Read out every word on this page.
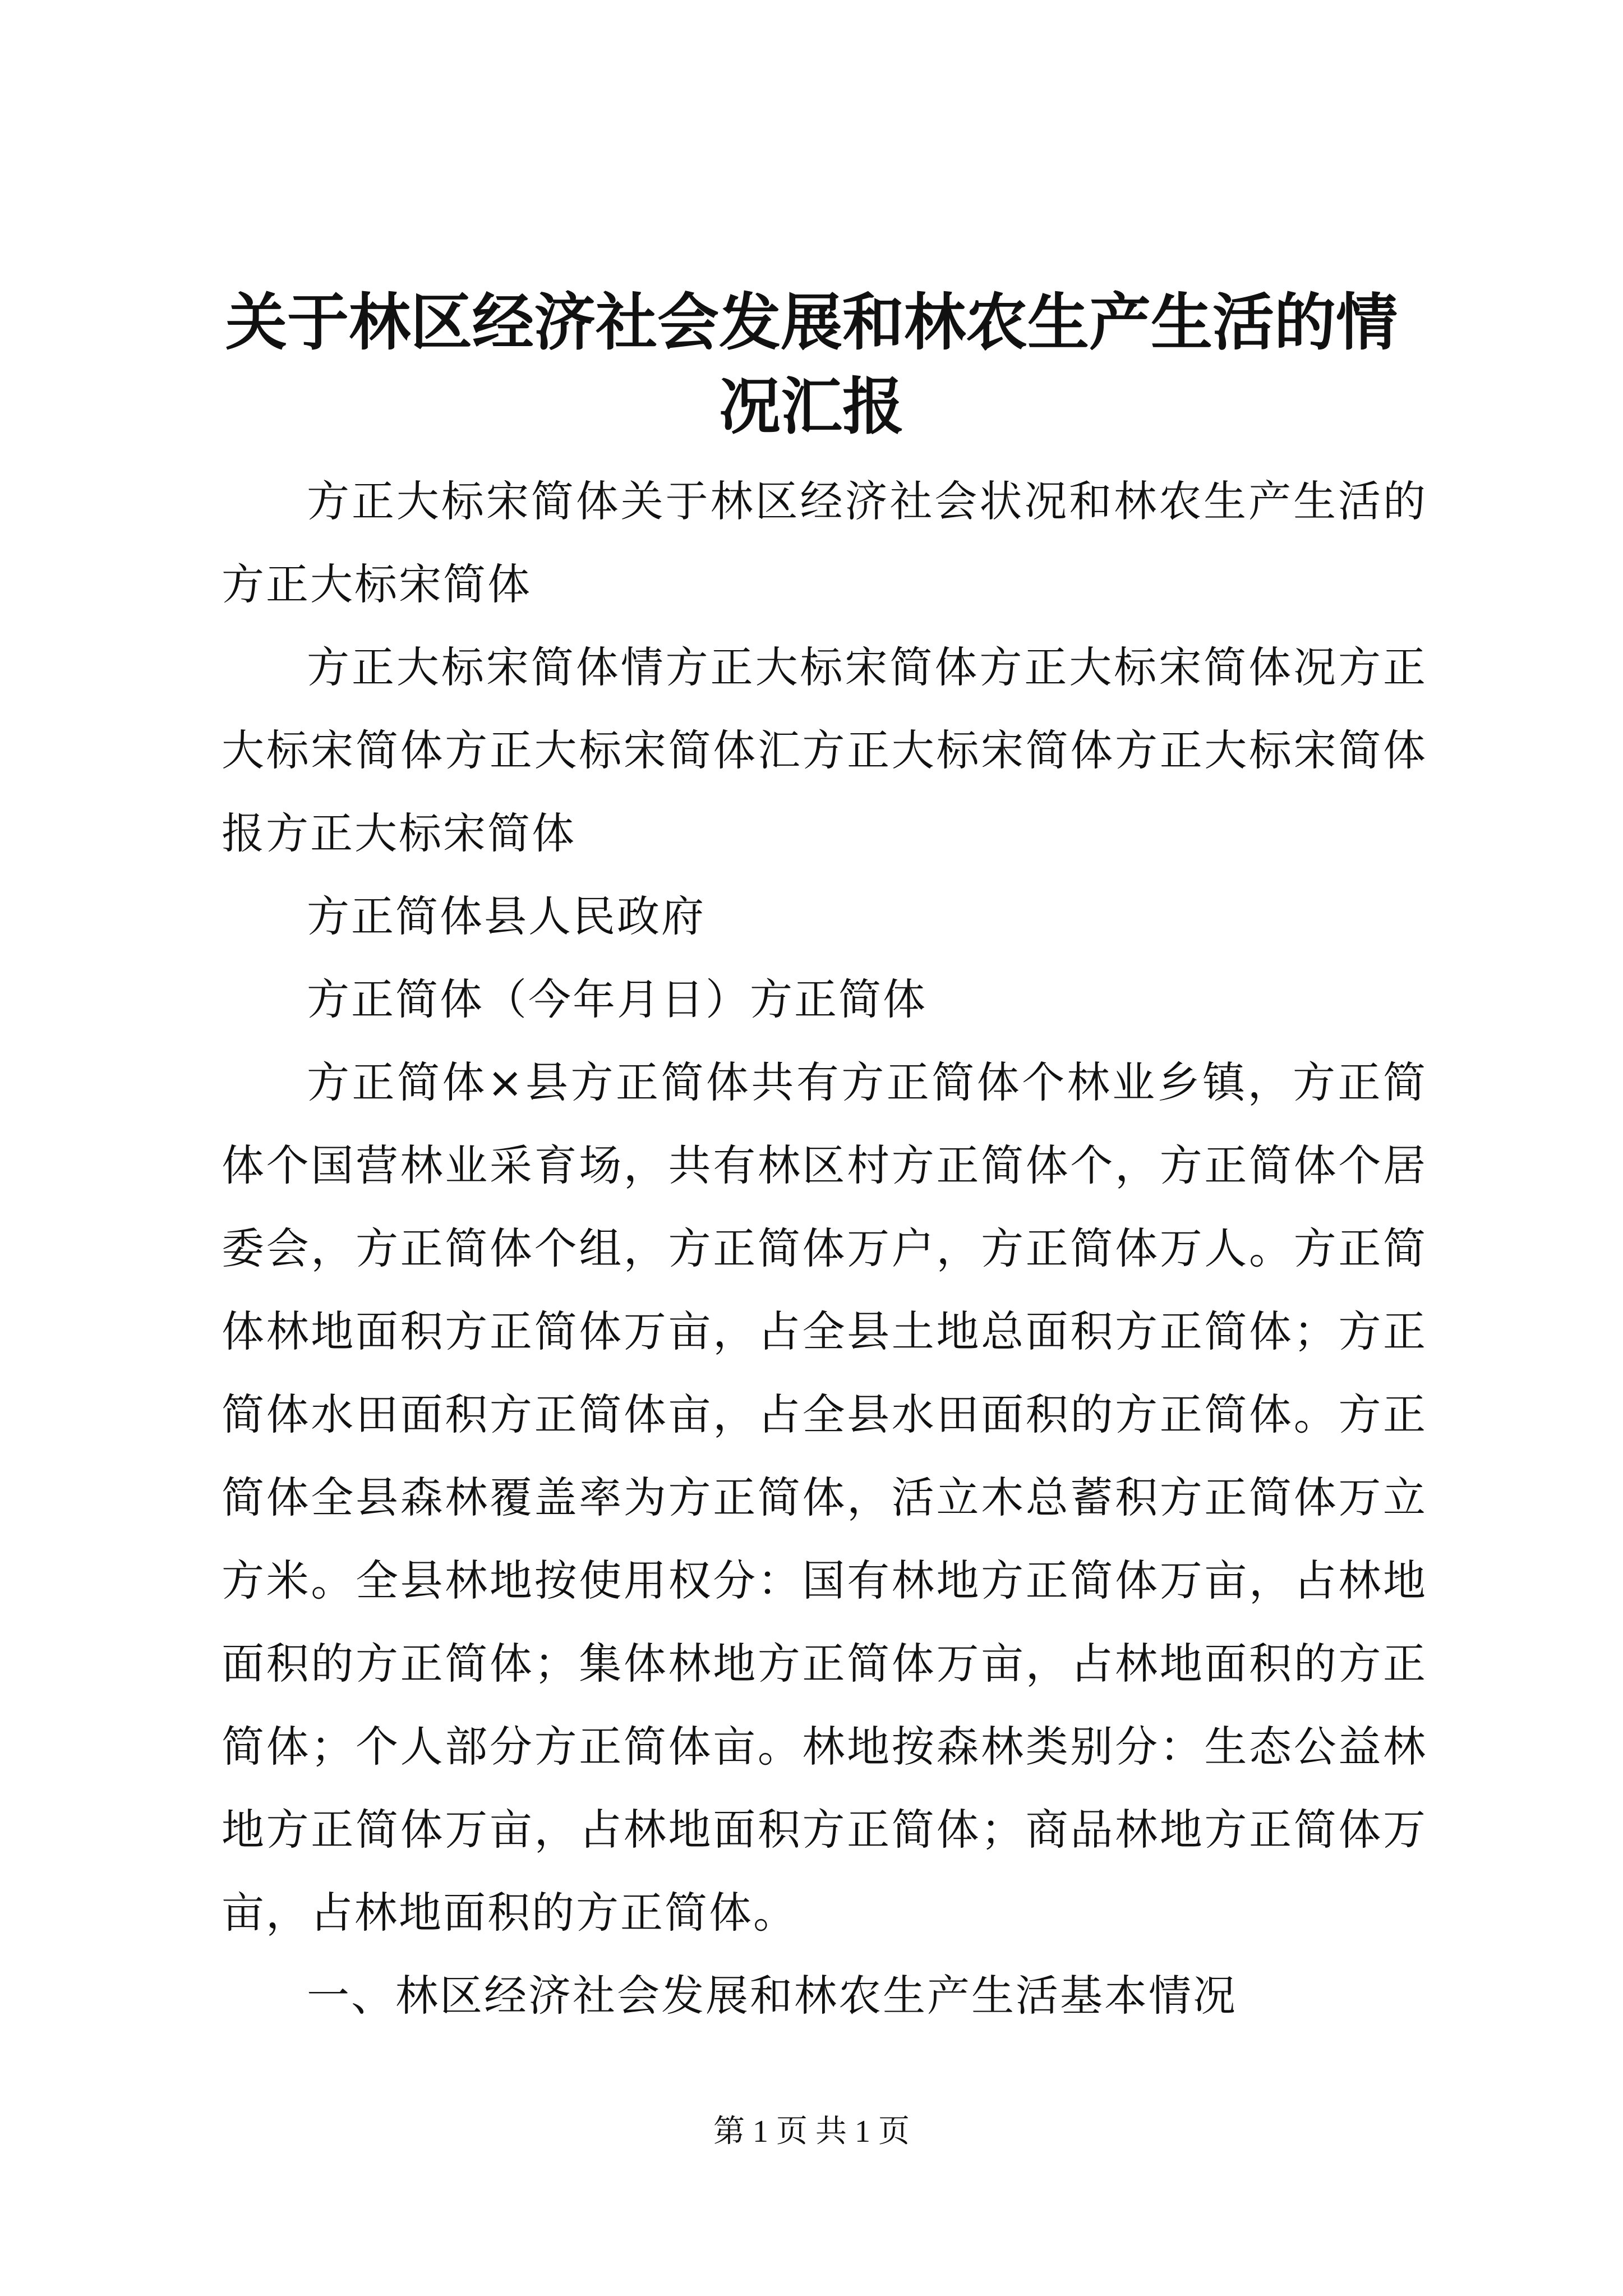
关于林区经济社会发展和林农生产生活的情况汇报

方正大标宋简体关于林区经济社会状况和林农生产生活的方正大标宋简体

方正大标宋简体情方正大标宋简体方正大标宋简体况方正大标宋简体方正大标宋简体汇方正大标宋简体方正大标宋简体报方正大标宋简体

方正简体县人民政府

方正简体（今年月日）方正简体

方正简体×县方正简体共有方正简体个林业乡镇，方正简体个国营林业采育场，共有林区村方正简体个，方正简体个居委会，方正简体个组，方正简体万户，方正简体万人。方正简体林地面积方正简体万亩，占全县土地总面积方正简体；方正简体水田面积方正简体亩，占全县水田面积的方正简体。方正简体全县森林覆盖率为方正简体，活立木总蓄积方正简体万立方米。全县林地按使用权分：国有林地方正简体万亩，占林地面积的方正简体；集体林地方正简体万亩，占林地面积的方正简体；个人部分方正简体亩。林地按森林类别分：生态公益林地方正简体万亩，占林地面积方正简体；商品林地方正简体万亩，占林地面积的方正简体。

一、林区经济社会发展和林农生产生活基本情况

第 1 页 共 1 页
